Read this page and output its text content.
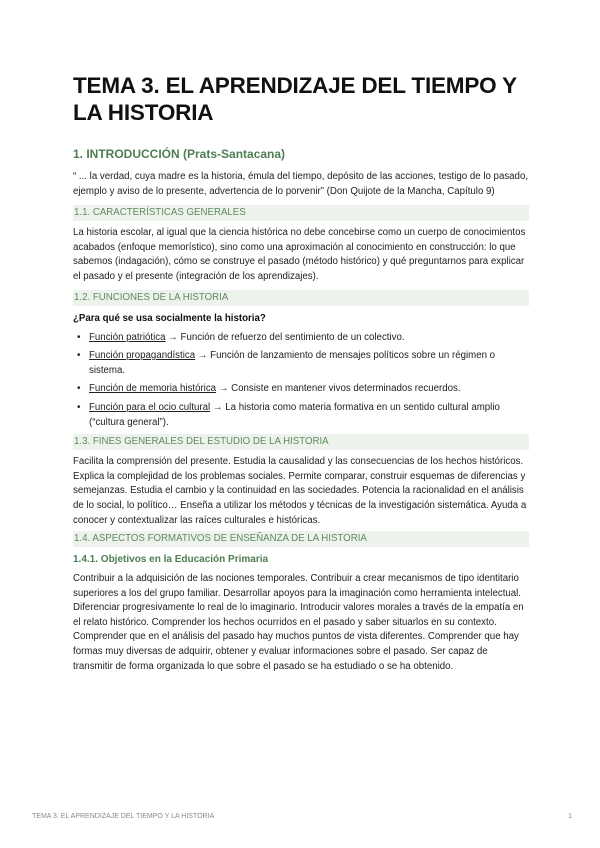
TEMA 3. EL APRENDIZAJE DEL TIEMPO Y LA HISTORIA
1. INTRODUCCIÓN (Prats-Santacana)

“ ... la verdad, cuya madre es la historia, émula del tiempo, depósito de las acciones, testigo de lo pasado, ejemplo y aviso de lo presente, advertencia de lo porvenir” (Don Quijote de la Mancha, Capítulo 9)

1.1. CARACTERÍSTICAS GENERALES

La historia escolar, al igual que la ciencia histórica no debe concebirse como un cuerpo de conocimientos acabados (enfoque memorístico), sino como una aproximación al conocimiento en construcción: lo que sabemos (indagación), cómo se construye el pasado (método histórico) y qué preguntarnos para explicar el pasado y el presente (integración de los aprendizajes).

1.2. FUNCIONES DE LA HISTORIA

¿Para qué se usa socialmente la historia?

• Función patriótica → Función de refuerzo del sentimiento de un colectivo.
• Función propagandística → Función de lanzamiento de mensajes políticos sobre un régimen o sistema.
• Función de memoria histórica → Consiste en mantener vivos determinados recuerdos.
• Función para el ocio cultural → La historia como materia formativa en un sentido cultural amplio (“cultura general”).
1.3. FINES GENERALES DEL ESTUDIO DE LA HISTORIA

Facilita la comprensión del presente. Estudia la causalidad y las consecuencias de los hechos históricos. Explica la complejidad de los problemas sociales. Permite comparar, construir esquemas de diferencias y semejanzas. Estudia el cambio y la continuidad en las sociedades. Potencia la racionalidad en el análisis de lo social, lo político… Enseña a utilizar los métodos y técnicas de la investigación sistemática. Ayuda a conocer y contextualizar las raíces culturales e históricas.

1.4. ASPECTOS FORMATIVOS DE ENSEÑANZA DE LA HISTORIA
1.4.1. Objetivos en la Educación Primaria

Contribuir a la adquisición de las nociones temporales. Contribuir a crear mecanismos de tipo identitario superiores a los del grupo familiar. Desarrollar apoyos para la imaginación como herramienta intelectual. Diferenciar progresivamente lo real de lo imaginario. Introducir valores morales a través de la empatía en el relato histórico. Comprender los hechos ocurridos en el pasado y saber situarlos en su contexto. Comprender que en el análisis del pasado hay muchos puntos de vista diferentes. Comprender que hay formas muy diversas de adquirir, obtener y evaluar informaciones sobre el pasado. Ser capaz de transmitir de forma organizada lo que sobre el pasado se ha estudiado o se ha obtenido.

TEMA 3. EL APRENDIZAJE DEL TIEMPO Y LA HISTORIA	1
